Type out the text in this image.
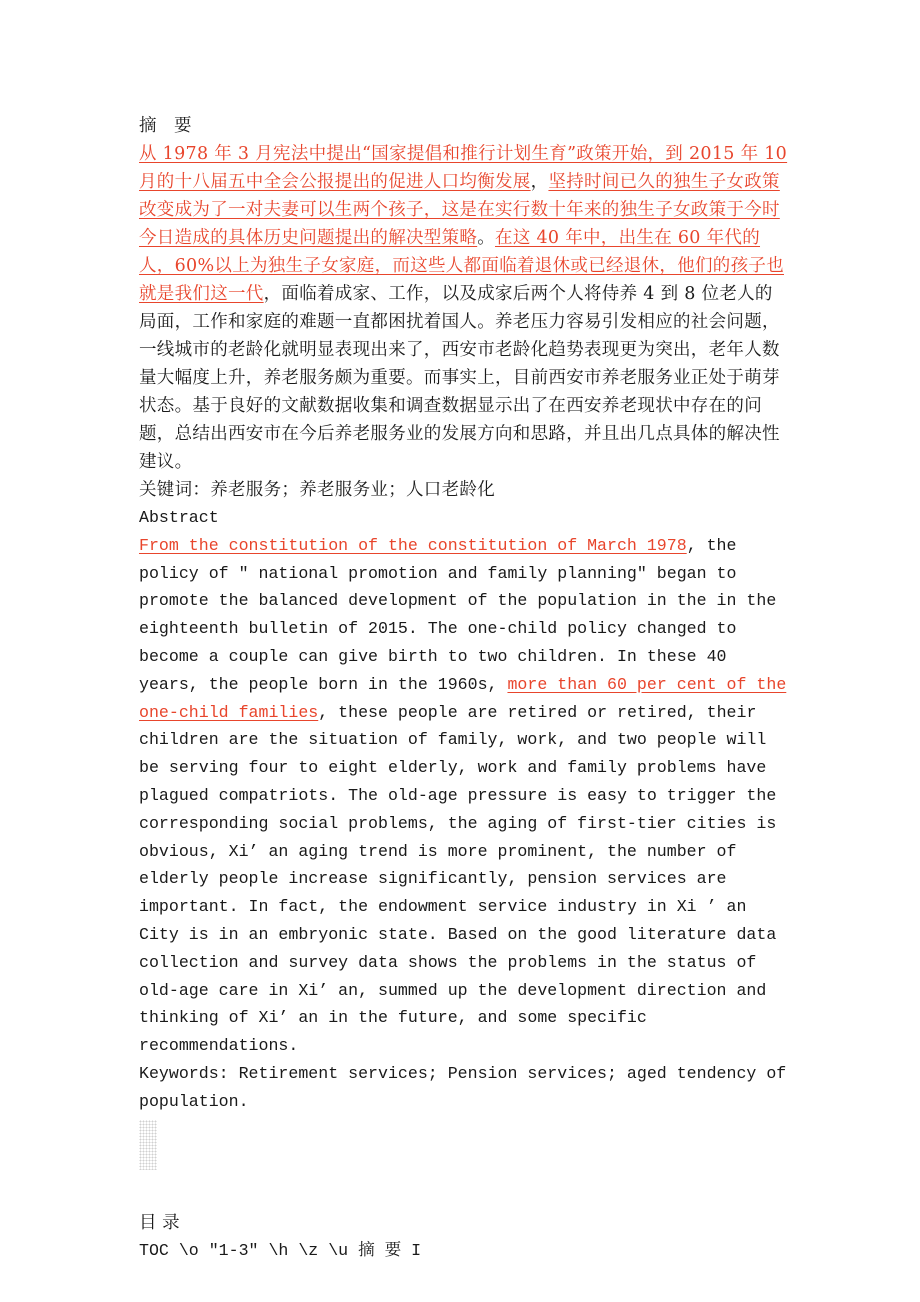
摘　要

从 1978 年 3 月宪法中提出“国家提倡和推行计划生育”政策开始，到 2015 年 10 月的十八届五中全会公报提出的促进人口均衡发展，坚持时间已久的独生子女政策改变成为了一对夫妻可以生两个孩子，这是在实行数十年来的独生子女政策于今时今日造成的具体历史问题提出的解决型策略。在这 40 年中，出生在 60 年代的人，60%以上为独生子女家庭，而这些人都面临着退休或已经退休，他们的孩子也就是我们这一代，面临着成家、工作，以及成家后两个人将侍养 4 到 8 位老人的局面，工作和家庭的难题一直都困扰着国人。养老压力容易引发相应的社会问题，一线城市的老龄化就明显表现出来了，西安市老龄化趋势表现更为突出，老年人数量大幅度上升，养老服务颇为重要。而事实上，目前西安市养老服务业正处于萌芽状态。基于良好的文献数据收集和调查数据显示出了在西安养老现状中存在的问题，总结出西安市在今后养老服务业的发展方向和思路，并且出几点具体的解决性建议。

关键词：养老服务；养老服务业；人口老龄化

Abstract

From the constitution of the constitution of March 1978, the policy of " national promotion and family planning" began to promote the balanced development of the population in the in the eighteenth bulletin of 2015. The one-child policy changed to become a couple can give birth to two children. In these 40 years, the people born in the 1960s, more than 60 per cent of the one-child families, these people are retired or retired, their children are the situation of family, work, and two people will be serving four to eight elderly, work and family problems have plagued compatriots. The old-age pressure is easy to trigger the corresponding social problems, the aging of first-tier cities is obvious, Xi’ an aging trend is more prominent, the number of elderly people increase significantly, pension services are important. In fact, the endowment service industry in Xi ’ an City is in an embryonic state. Based on the good literature data collection and survey data shows the problems in the status of old-age care in Xi’ an, summed up the development direction and thinking of Xi’ an in the future, and some specific recommendations.

Keywords: Retirement services; Pension services; aged tendency of population.

目 录

TOC \o "1-3" \h \z \u 摘 要 I
